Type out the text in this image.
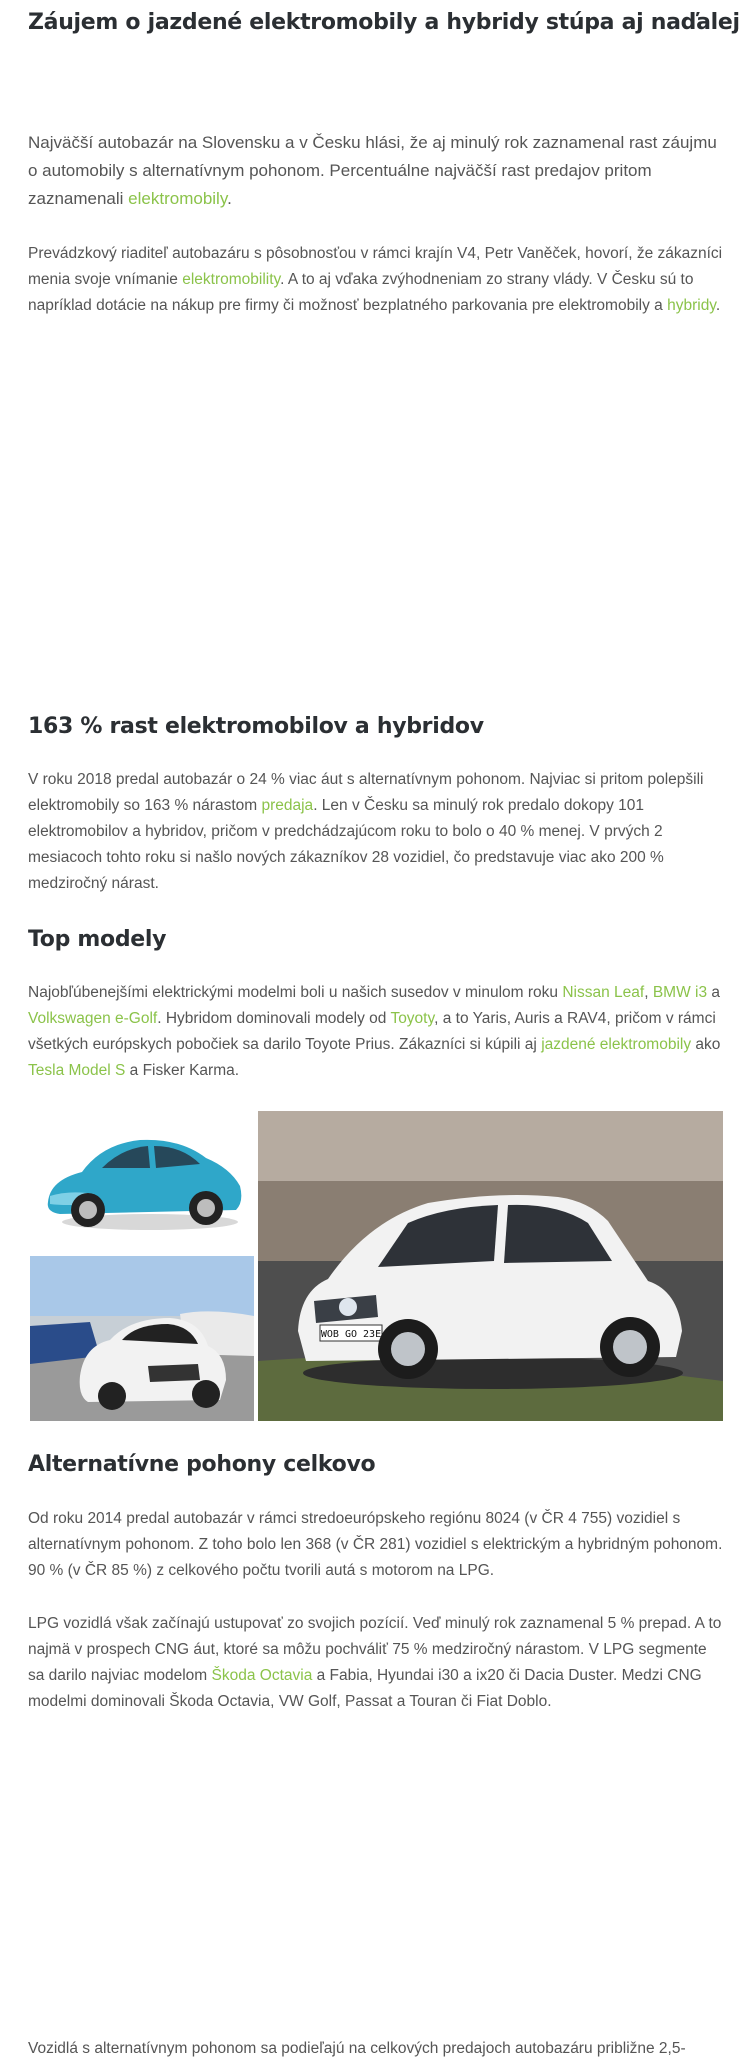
Záujem o jazdené elektromobily a hybridy stúpa aj naďalej

Najväčší autobazár na Slovensku a v Česku hlási, že aj minulý rok zaznamenal rast záujmu o automobily s alternatívnym pohonom. Percentuálne najväčší rast predajov pritom zaznamenali elektromobily.

Prevádzkový riaditeľ autobazáru s pôsobnosťou v rámci krajín V4, Petr Vaněček, hovorí, že zákazníci menia svoje vnímanie elektromobility. A to aj vďaka zvýhodneniam zo strany vlády. V Česku sú to napríklad dotácie na nákup pre firmy či možnosť bezplatného parkovania pre elektromobily a hybridy.

163 % rast elektromobilov a hybridov

V roku 2018 predal autobazár o 24 % viac áut s alternatívnym pohonom. Najviac si pritom polepšili elektromobily so 163 % nárastom predaja. Len v Česku sa minulý rok predalo dokopy 101 elektromobilov a hybridov, pričom v predchádzajúcom roku to bolo o 40 % menej. V prvých 2 mesiacoch tohto roku si našlo nových zákazníkov 28 vozidiel, čo predstavuje viac ako 200 % medziročný nárast.

Top modely

Najobľúbenejšími elektrickými modelmi boli u našich susedov v minulom roku Nissan Leaf, BMW i3 a Volkswagen e-Golf. Hybridom dominovali modely od Toyoty, a to Yaris, Auris a RAV4, pričom v rámci všetkých európskych pobočiek sa darilo Toyote Prius. Zákazníci si kúpili aj jazdené elektromobily ako Tesla Model S a Fisker Karma.

WOB GO 23E
Alternatívne pohony celkovo

Od roku 2014 predal autobazár v rámci stredoeurópskeho regiónu 8024 (v ČR 4 755) vozidiel s alternatívnym pohonom. Z toho bolo len 368 (v ČR 281) vozidiel s elektrickým a hybridným pohonom. 90 % (v ČR 85 %) z celkového počtu tvorili autá s motorom na LPG.

LPG vozidlá však začínajú ustupovať zo svojich pozícií. Veď minulý rok zaznamenal 5 % prepad. A to najmä v prospech CNG áut, ktoré sa môžu pochváliť 75 % medziročný nárastom. V LPG segmente sa darilo najviac modelom Škoda Octavia a Fabia, Hyundai i30 a ix20 či Dacia Duster. Medzi CNG modelmi dominovali Škoda Octavia, VW Golf, Passat a Touran či Fiat Doblo.

Vozidlá s alternatívnym pohonom sa podieľajú na celkových predajoch autobazáru približne 2,5-
